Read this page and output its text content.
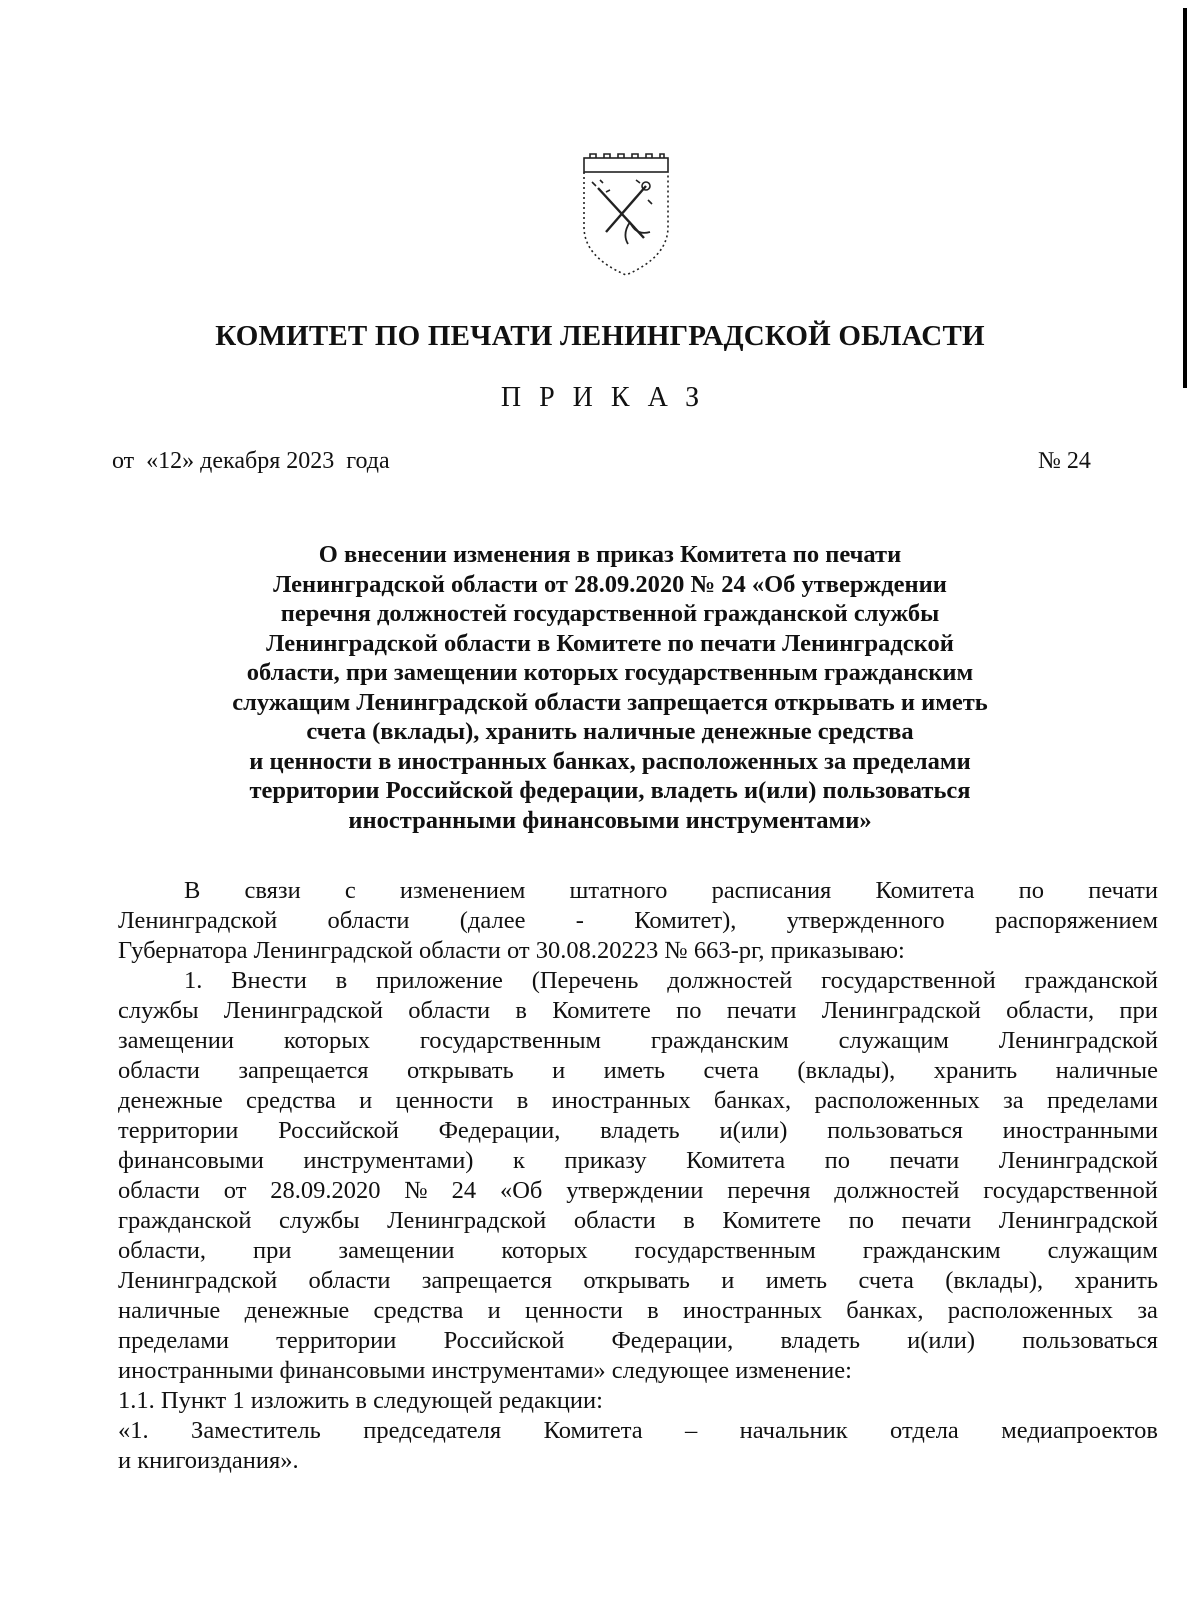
КОМИТЕТ ПО ПЕЧАТИ ЛЕНИНГРАДСКОЙ ОБЛАСТИ
ПРИКАЗ
от «12» декабря 2023  года	№ 24
О внесении изменения в приказ Комитета по печати
Ленинградской области от 28.09.2020 № 24 «Об утверждении
перечня должностей государственной гражданской службы
Ленинградской области в Комитете по печати Ленинградской
области, при замещении которых государственным гражданским
служащим Ленинградской области запрещается открывать и иметь
счета (вклады), хранить наличные денежные средства
и ценности в иностранных банках, расположенных за пределами
территории Российской федерации, владеть и(или) пользоваться
иностранными финансовыми инструментами»
В связи с изменением штатного расписания Комитета по печати
Ленинградской области (далее - Комитет), утвержденного распоряжением
Губернатора Ленинградской области от 30.08.20223 № 663-рг, приказываю:
1. Внести в приложение (Перечень должностей государственной гражданской
службы Ленинградской области в Комитете по печати Ленинградской области, при
замещении которых государственным гражданским служащим Ленинградской
области запрещается открывать и иметь счета (вклады), хранить наличные
денежные средства и ценности в иностранных банках, расположенных за пределами
территории Российской Федерации, владеть и(или) пользоваться иностранными
финансовыми инструментами) к приказу Комитета по печати Ленинградской
области от 28.09.2020 № 24 «Об утверждении перечня должностей государственной
гражданской службы Ленинградской области в Комитете по печати Ленинградской
области, при замещении которых государственным гражданским служащим
Ленинградской области запрещается открывать и иметь счета (вклады), хранить
наличные денежные средства и ценности в иностранных банках, расположенных за
пределами территории Российской Федерации, владеть и(или) пользоваться
иностранными финансовыми инструментами» следующее изменение:
1.1. Пункт 1 изложить в следующей редакции:
«1. Заместитель председателя Комитета – начальник отдела медиапроектов
и книгоиздания».
